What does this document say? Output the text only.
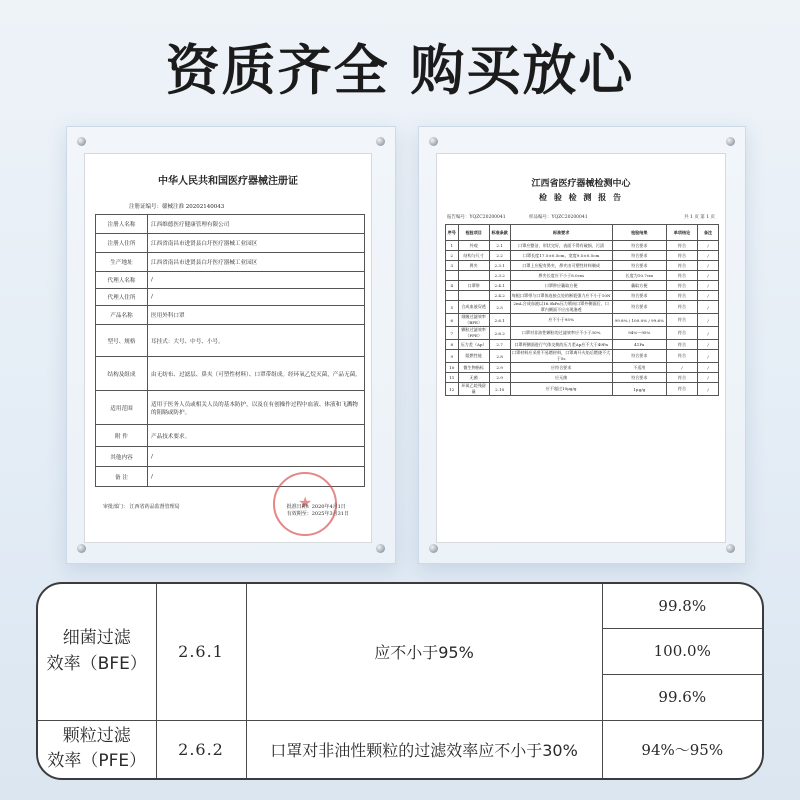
资质齐全 购买放心
中华人民共和国医疗器械注册证
注册证编号：赣械注准 20202140043
注册人名称	江西维德医疗健康管理有限公司
注册人住所	江西省南昌市进贤县白圩医疗器械工业园区
生产地址	江西省南昌市进贤县白圩医疗器械工业园区
代理人名称	/
代理人住所	/
产品名称	医用外科口罩
型号、规格	耳挂式：大号、中号、小号。
结构及组成	由无纺布、过滤层、鼻夹（可塑性材料）、口罩带组成。经环氧乙烷灭菌，产品无菌。
适用范围	适用于医务人员或相关人员的基本防护，以及在有创操作过程中血液、体液和飞溅物的阻隔或防护。
附 件	产品技术要求。
其他内容	/
备 注	/
★
审批部门： 江西省药品监督管理局	批准日期：2020年4月1日
有效期至：2025年3月31日
江西省医疗器械检测中心
检 验 检 测 报 告
报告编号：YQZC20200041	样品编号：YQZC20200041	共 1 页 第 1 页
序号	检验项目	标准条款	标准要求	检验结果	单项结论	备注
1	外观	2.1	口罩应整洁、形状完好，表面不得有破损、污渍	符合要求	符合	/
2	结构与尺寸	2.2	口罩长度17.5±0.5cm，宽度9.5±0.5cm	符合要求	符合	/
3	鼻夹	2.3.1	口罩上应配有鼻夹，鼻夹由可塑性材料制成	符合要求	符合	/
		2.3.2	鼻夹长度应不小于8.0cm	长度为10.7cm	符合	/
4	口罩带	2.4.1	口罩带应戴取方便	戴取方便	符合	/
		2.4.2	每根口罩带与口罩体连接点处的断裂强力应不小于10N	符合要求	符合	/
5	合成血液穿透	2.5	2mL合成血液以16.0kPa压力喷向口罩外侧面后，口罩内侧面不应出现渗透	符合要求	符合	/
6	细菌过滤效率（BFE）	2.6.1	应不小于95%	99.8% / 100.0% / 99.6%	符合	/
7	颗粒过滤效率（PFE）	2.6.2	口罩对非油性颗粒的过滤效率应不小于30%	94%～95%	符合	/
8	压力差（Δp）	2.7	口罩两侧面进行气体交换的压力差Δp应不大于49Pa	41Pa	符合	/
9	阻燃性能	2.8	口罩材料应采用不易燃材料，口罩离开火焰后燃烧不大于5s	符合要求	符合	/
10	微生物指标	2.9	应符合要求	不适用	/	/
11	无菌	2.9	应无菌	符合要求	符合	/
12	环氧乙烷残留量	2.10	应不超过10μg/g	1μg/g	符合	/
细菌过滤
效率（BFE）	2.6.1	应不小于95%	99.8%
			100.0%
			99.6%

颗粒过滤
效率（PFE）	2.6.2	口罩对非油性颗粒的过滤效率应不小于30%	94%～95%
